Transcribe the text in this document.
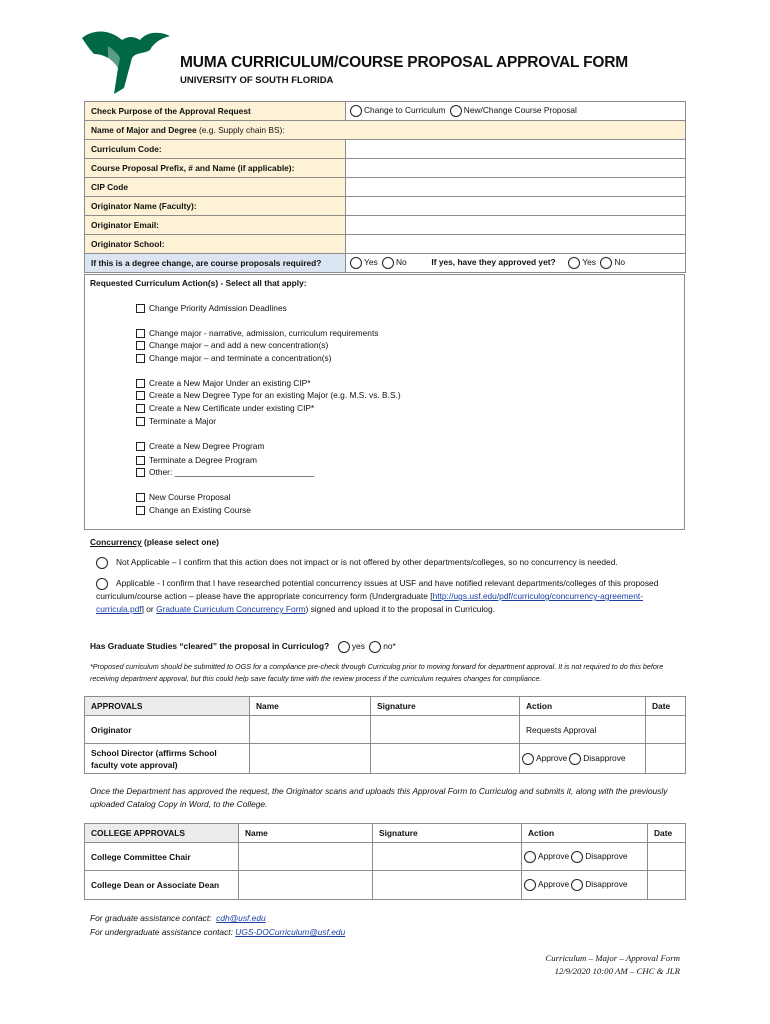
MUMA CURRICULUM/COURSE PROPOSAL APPROVAL FORM
UNIVERSITY OF SOUTH FLORIDA
Check Purpose of the Approval Request	Change to Curriculum New/Change Course Proposal
Name of Major and Degree (e.g. Supply chain BS):	
Curriculum Code:	
Course Proposal Prefix, # and Name (if applicable):	
CIP Code	
Originator Name (Faculty):	
Originator Email:	
Originator School:	
If this is a degree change, are course proposals required?	Yes No If yes, have they approved yet? Yes No
Requested Curriculum Action(s) - Select all that apply:
Change Priority Admission Deadlines
Change major - narrative, admission, curriculum requirements
Change major – and add a new concentration(s)
Change major – and terminate a concentration(s)
Create a New Major Under an existing CIP*
Create a New Degree Type for an existing Major (e.g. M.S. vs. B.S.)
Create a New Certificate under existing CIP*
Terminate a Major
Create a New Degree Program
Terminate a Degree Program
Other: ______________________________
New Course Proposal
Change an Existing Course
Concurrency (please select one)
Not Applicable – I confirm that this action does not impact or is not offered by other departments/colleges, so no concurrency is needed.
Applicable - I confirm that I have researched potential concurrency issues at USF and have notified relevant departments/colleges of this proposed curriculum/course action – please have the appropriate concurrency form (Undergraduate [http://ugs.usf.edu/pdf/curriculog/concurrency-agreement-curricula.pdf] or Graduate Curriculum Concurrency Form) signed and upload it to the proposal in Curriculog.
Has Graduate Studies “cleared” the proposal in Curriculog?	yes no*
*Proposed curriculum should be submitted to OGS for a compliance pre-check through Curriculog prior to moving forward for department approval. It is not required to do this before receiving department approval, but this could help save faculty time with the review process if the curriculum requires changes for compliance.
APPROVALS	Name	Signature	Action	Date
Originator			Requests Approval	
School Director (affirms School faculty vote approval)			Approve Disapprove	
Once the Department has approved the request, the Originator scans and uploads this Approval Form to Curriculog and submits it, along with the previously uploaded Catalog Copy in Word, to the College.
COLLEGE APPROVALS	Name	Signature	Action	Date
College Committee Chair			Approve Disapprove	
College Dean or Associate Dean			Approve Disapprove	
For graduate assistance contact: cdh@usf.edu
For undergraduate assistance contact: UGS-DOCurriculum@usf.edu
Curriculum – Major – Approval Form
12/9/2020 10:00 AM – CHC & JLR
